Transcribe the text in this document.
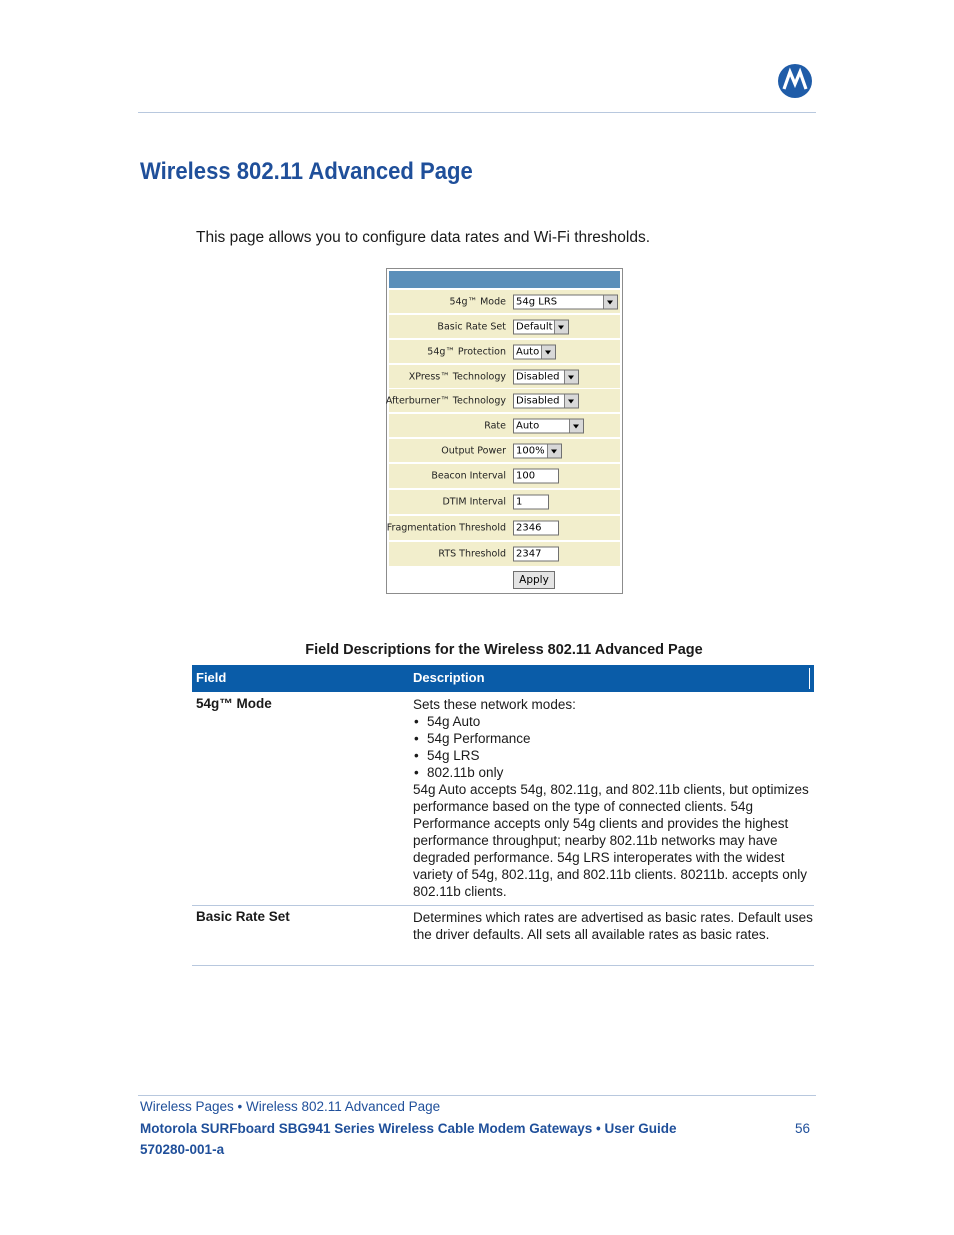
Wireless 802.11 Advanced Page
This page allows you to configure data rates and Wi-Fi thresholds.
54g™ Mode	54g LRS
Basic Rate Set	Default
54g™ Protection	Auto
XPress™ Technology	Disabled
Afterburner™ Technology	Disabled
Rate	Auto
Output Power	100%
Beacon Interval	100
DTIM Interval	1
Fragmentation Threshold	2346
RTS Threshold	2347
Apply
Field Descriptions for the Wireless 802.11 Advanced Page
Field	Description
54g™ Mode	Sets these network modes:
• 54g Auto
• 54g Performance
• 54g LRS
• 802.11b only
54g Auto accepts 54g, 802.11g, and 802.11b clients, but optimizes performance based on the type of connected clients. 54g Performance accepts only 54g clients and provides the highest performance throughput; nearby 802.11b networks may have degraded performance. 54g LRS interoperates with the widest variety of 54g, 802.11g, and 802.11b clients. 80211b. accepts only 802.11b clients.
Basic Rate Set	Determines which rates are advertised as basic rates. Default uses the driver defaults. All sets all available rates as basic rates.
Wireless Pages • Wireless 802.11 Advanced Page
Motorola SURFboard SBG941 Series Wireless Cable Modem Gateways • User Guide
570280-001-a
56
